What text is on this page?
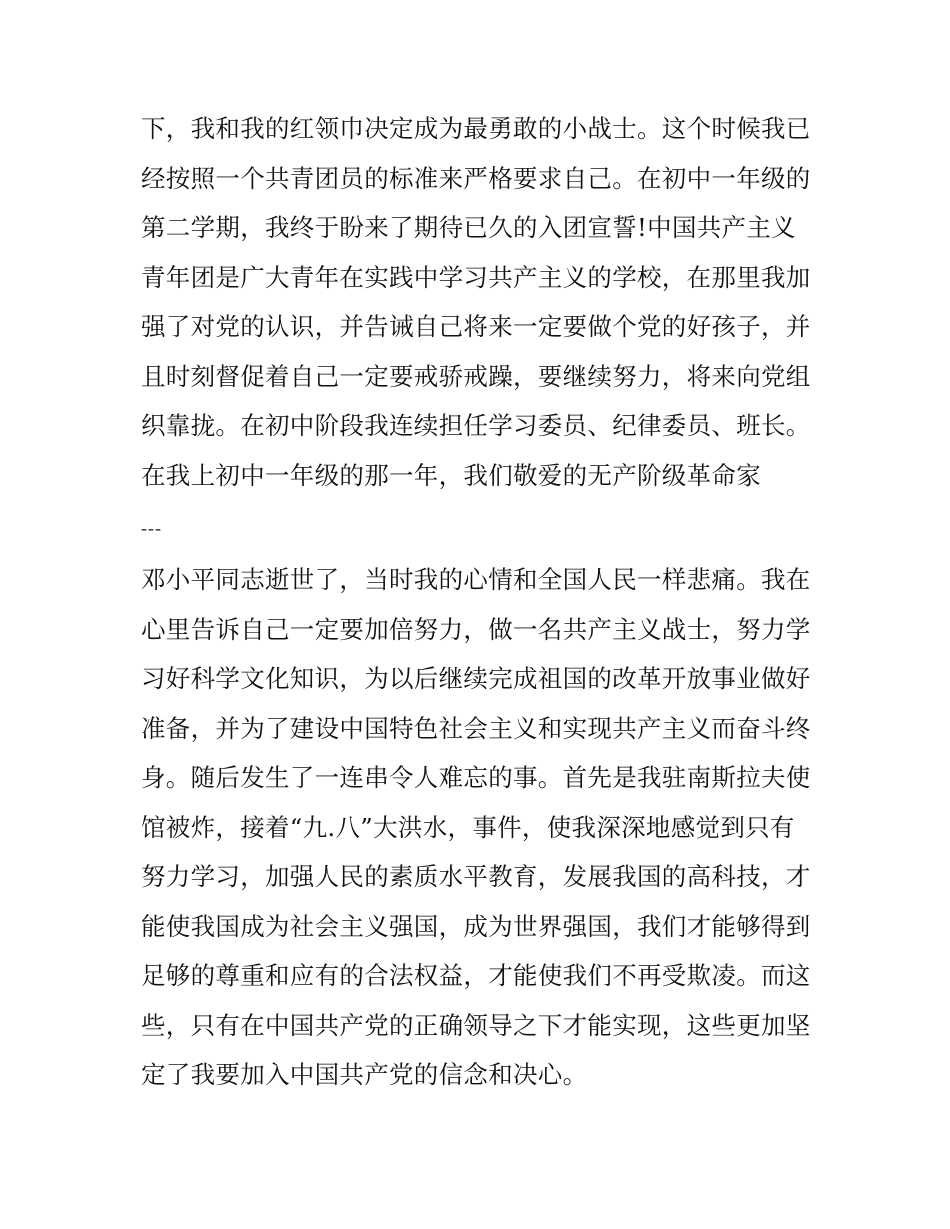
下，我和我的红领巾决定成为最勇敢的小战士。这个时候我已
经按照一个共青团员的标准来严格要求自己。在初中一年级的
第二学期，我终于盼来了期待已久的入团宣誓!中国共产主义
青年团是广大青年在实践中学习共产主义的学校，在那里我加
强了对党的认识，并告诫自己将来一定要做个党的好孩子，并
且时刻督促着自己一定要戒骄戒躁，要继续努力，将来向党组
织靠拢。在初中阶段我连续担任学习委员、纪律委员、班长。
在我上初中一年级的那一年，我们敬爱的无产阶级革命家
---
邓小平同志逝世了，当时我的心情和全国人民一样悲痛。我在
心里告诉自己一定要加倍努力，做一名共产主义战士，努力学
习好科学文化知识，为以后继续完成祖国的改革开放事业做好
准备，并为了建设中国特色社会主义和实现共产主义而奋斗终
身。随后发生了一连串令人难忘的事。首先是我驻南斯拉夫使
馆被炸，接着“九.八”大洪水，事件，使我深深地感觉到只有
努力学习，加强人民的素质水平教育，发展我国的高科技，才
能使我国成为社会主义强国，成为世界强国，我们才能够得到
足够的尊重和应有的合法权益，才能使我们不再受欺凌。而这
些，只有在中国共产党的正确领导之下才能实现，这些更加坚
定了我要加入中国共产党的信念和决心。
